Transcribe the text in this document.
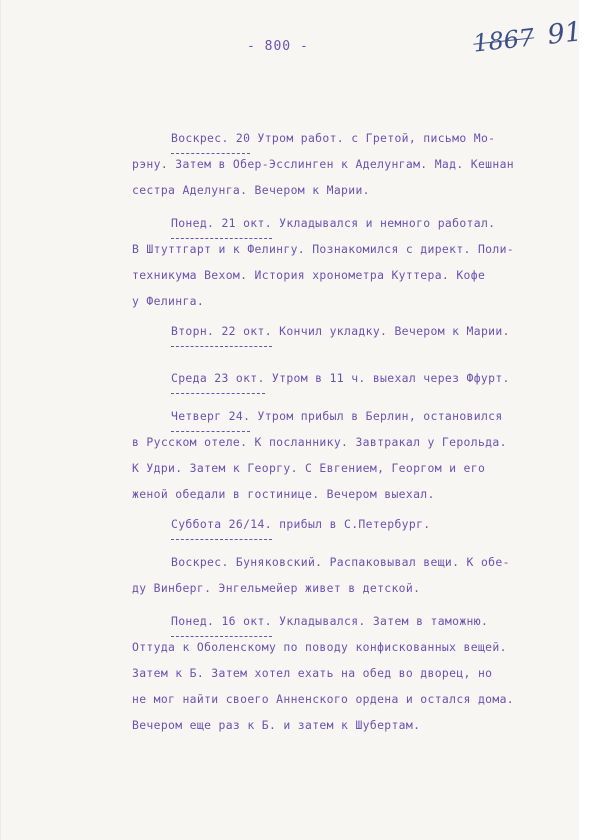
- 800 -	1867 91
Воскрес. 20 Утром работ. с Гретой, письмо Мо-
рэну. Затем в Обер-Эсслинген к Аделунгам. Мад. Кешнан
сестра Аделунга. Вечером к Марии.
Понед. 21 окт. Укладывался и немного работал.
В Штуттгарт и к Фелингу. Познакомился с директ. Поли-
техникума Вехом. История хронометра Куттера. Кофе
у Фелинга.
Вторн. 22 окт. Кончил укладку. Вечером к Марии.
Среда 23 окт. Утром в 11 ч. выехал через Ффурт.
Четверг 24. Утром прибыл в Берлин, остановился
в Русском отеле. К посланнику. Завтракал у Герольда.
К Удри. Затем к Георгу. С Евгением, Георгом и его
женой обедали в гостинице. Вечером выехал.
Суббота 26/14. прибыл в С.Петербург.
Воскрес. Буняковский. Распаковывал вещи. К обе-
ду Винберг. Энгельмейер живет в детской.
Понед. 16 окт. Укладывался. Затем в таможню.
Оттуда к Оболенскому по поводу конфискованных вещей.
Затем к Б. Затем хотел ехать на обед во дворец, но
не мог найти своего Анненского ордена и остался дома.
Вечером еще раз к Б. и затем к Шубертам.
